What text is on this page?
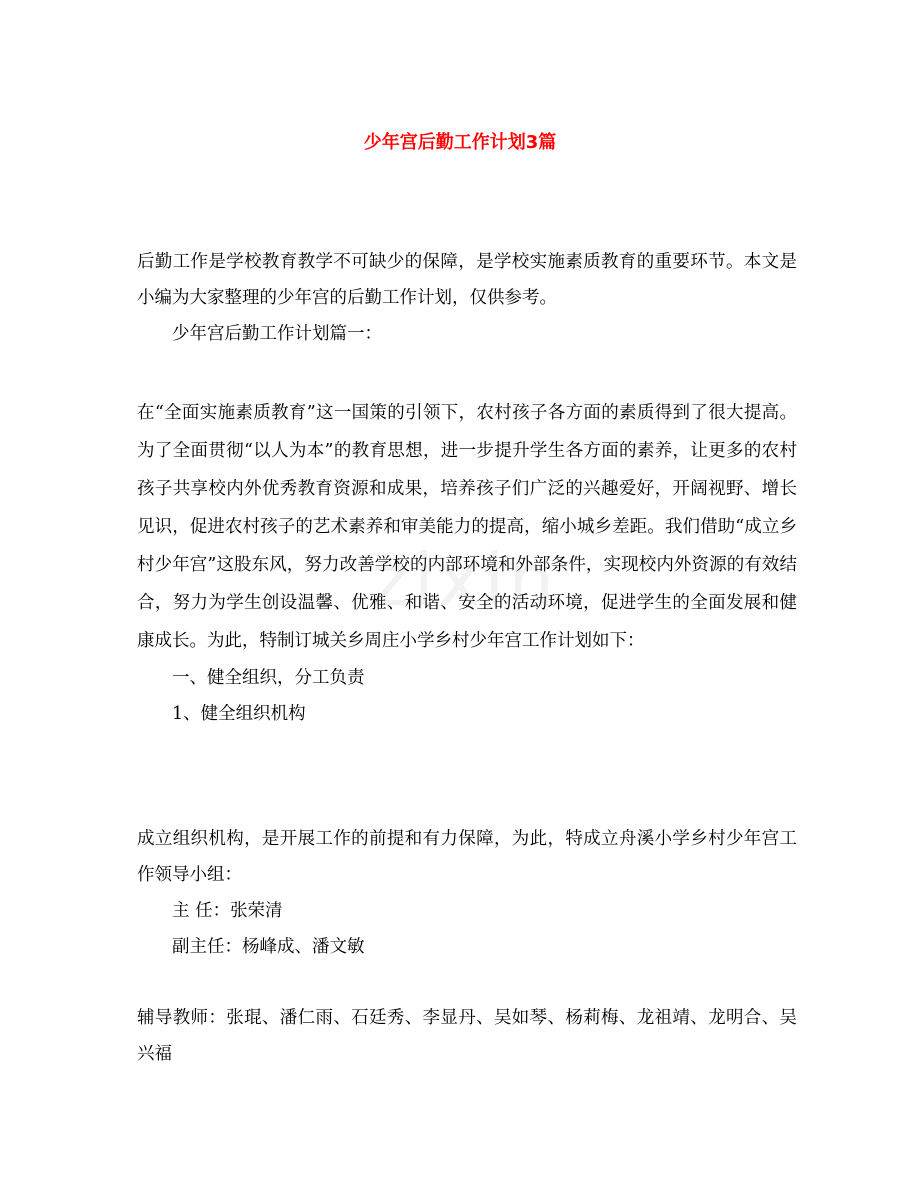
zixin
少年宫后勤工作计划3篇

后勤工作是学校教育教学不可缺少的保障，是学校实施素质教育的重要环节。本文是小编为大家整理的少年宫的后勤工作计划，仅供参考。

少年宫后勤工作计划篇一：

在“全面实施素质教育”这一国策的引领下，农村孩子各方面的素质得到了很大提高。为了全面贯彻“以人为本”的教育思想，进一步提升学生各方面的素养，让更多的农村孩子共享校内外优秀教育资源和成果，培养孩子们广泛的兴趣爱好，开阔视野、增长见识，促进农村孩子的艺术素养和审美能力的提高，缩小城乡差距。我们借助“成立乡村少年宫”这股东风，努力改善学校的内部环境和外部条件，实现校内外资源的有效结合，努力为学生创设温馨、优雅、和谐、安全的活动环境，促进学生的全面发展和健康成长。为此，特制订城关乡周庄小学乡村少年宫工作计划如下：

一、健全组织，分工负责

1、健全组织机构

成立组织机构，是开展工作的前提和有力保障，为此，特成立舟溪小学乡村少年宫工作领导小组：

主 任：张荣清

副主任：杨峰成、潘文敏

辅导教师：张琨、潘仁雨、石廷秀、李显丹、吴如琴、杨莉梅、龙祖靖、龙明合、吴兴福
